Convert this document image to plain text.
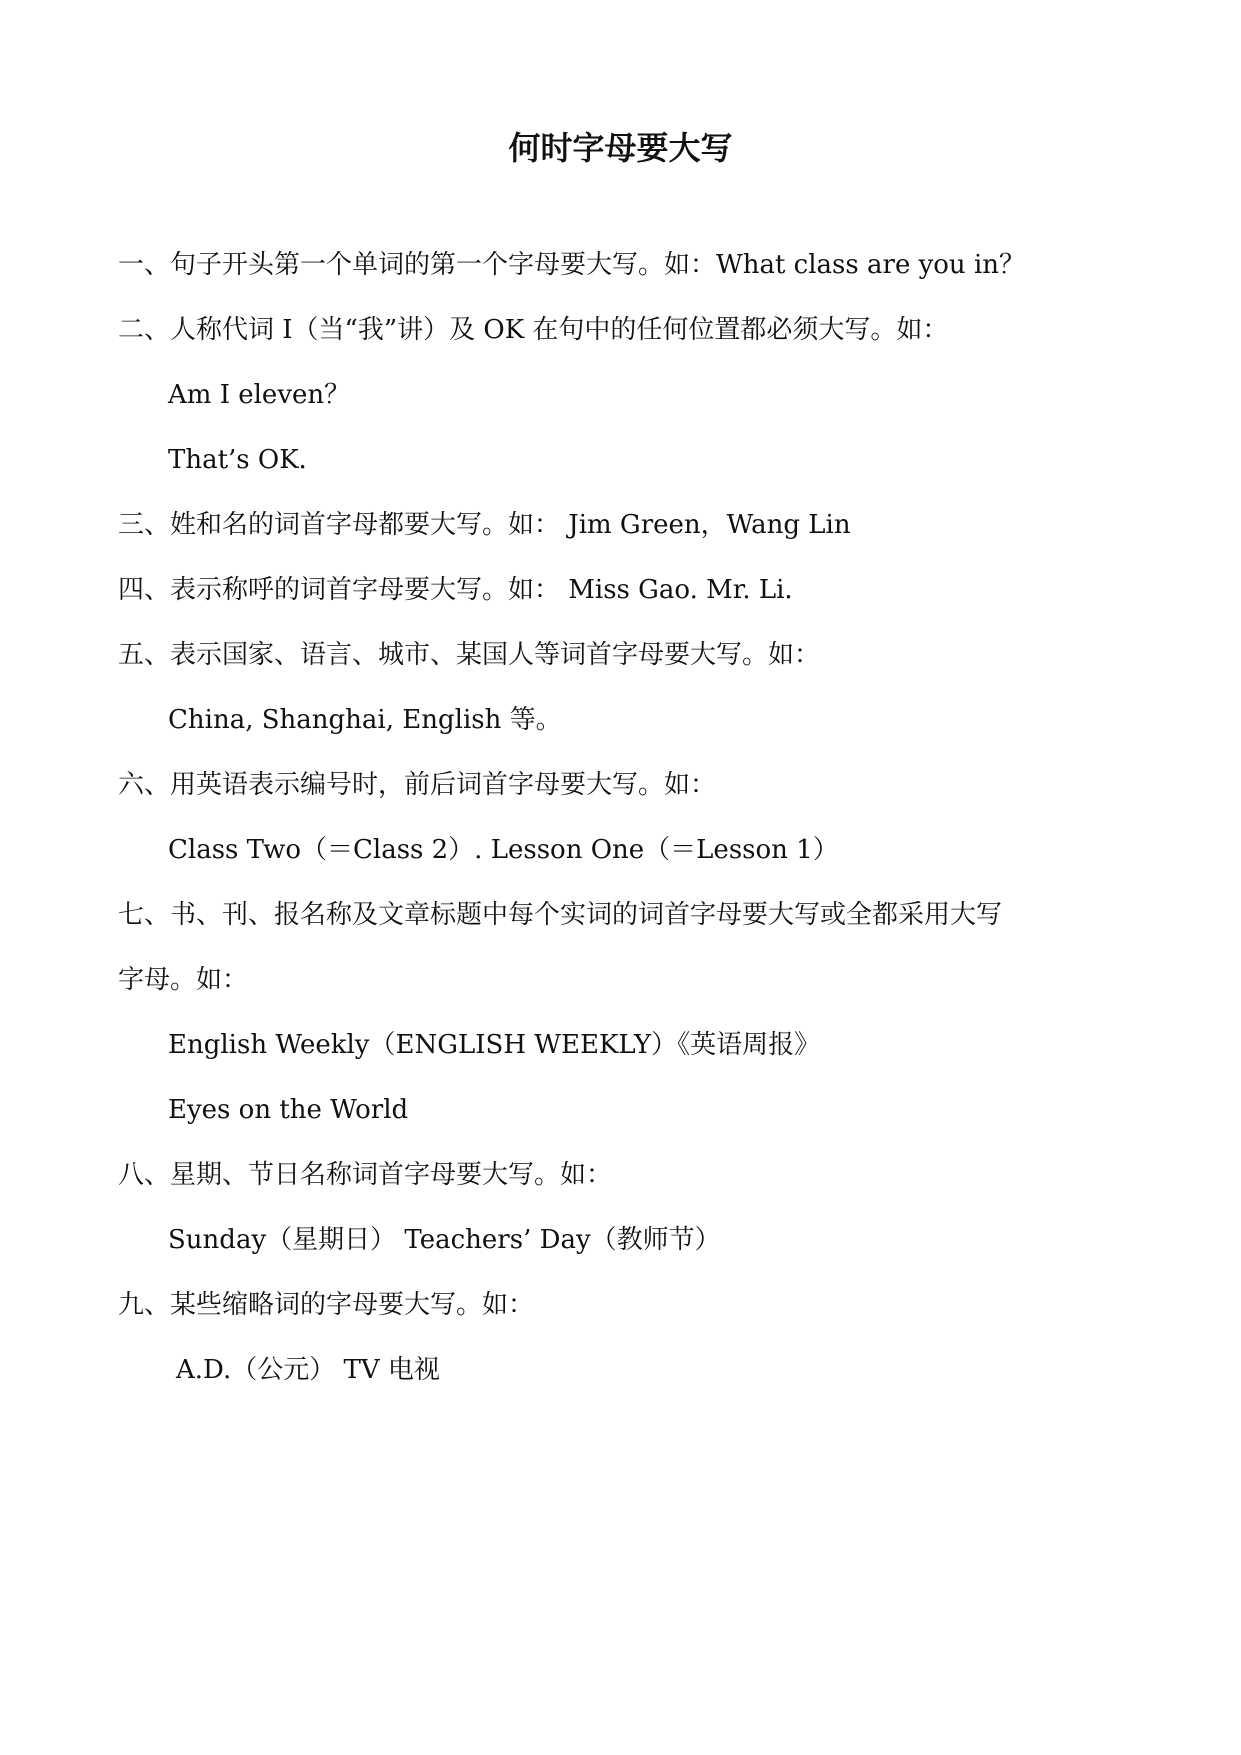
何时字母要大写
一、句子开头第一个单词的第一个字母要大写。如：What class are you in？
二、人称代词 I（当“我”讲）及 OK 在句中的任何位置都必须大写。如：
Am I eleven？
That’s OK．
三、姓和名的词首字母都要大写。如： Jim Green，Wang Lin
四、表示称呼的词首字母要大写。如： Miss Gao. Mr. Li．
五、表示国家、语言、城市、某国人等词首字母要大写。如：
China, Shanghai, English 等。
六、用英语表示编号时，前后词首字母要大写。如：
Class Two（＝Class 2）. Lesson One（＝Lesson 1）
七、书、刊、报名称及文章标题中每个实词的词首字母要大写或全都采用大写
字母。如：
English Weekly（ENGLISH WEEKLY）《英语周报》
Eyes on the World
八、星期、节日名称词首字母要大写。如：
Sunday（星期日） Teachers’ Day（教师节）
九、某些缩略词的字母要大写。如：
A.D.（公元） TV 电视
